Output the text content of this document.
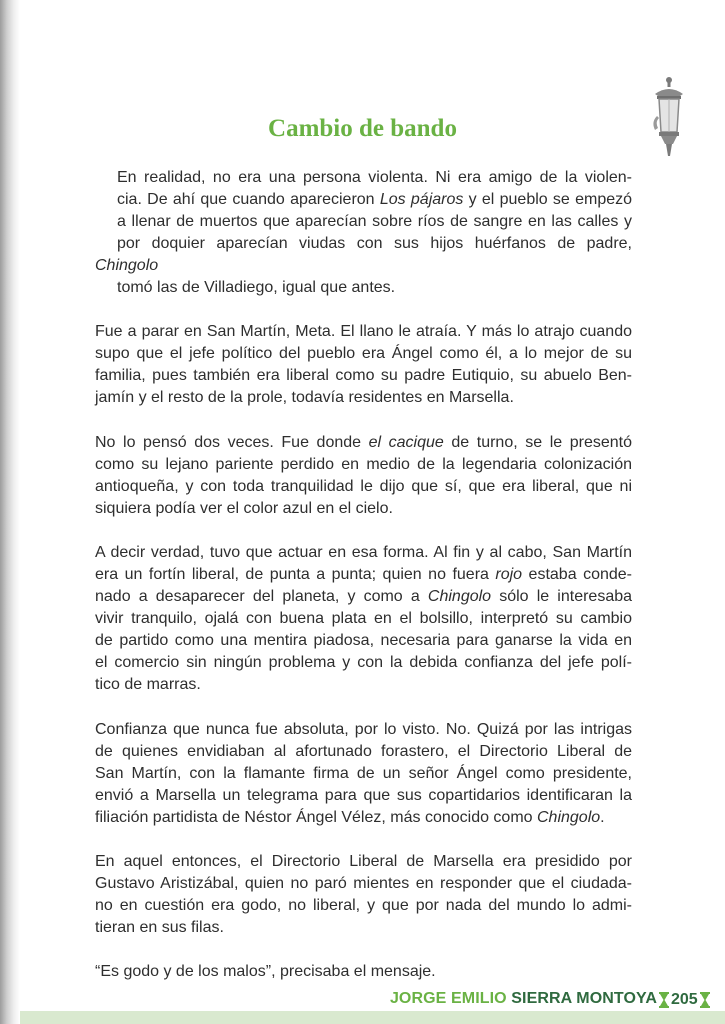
Cambio de bando

En realidad, no era una persona violenta. Ni era amigo de la violen-
cia. De ahí que cuando aparecieron Los pájaros y el pueblo se empezó
a llenar de muertos que aparecían sobre ríos de sangre en las calles y
por doquier aparecían viudas con sus hijos huérfanos de padre, Chingolo
tomó las de Villadiego, igual que antes.

Fue a parar en San Martín, Meta. El llano le atraía. Y más lo atrajo cuando
supo que el jefe político del pueblo era Ángel como él, a lo mejor de su
familia, pues también era liberal como su padre Eutiquio, su abuelo Ben-
jamín y el resto de la prole, todavía residentes en Marsella.

No lo pensó dos veces. Fue donde el cacique de turno, se le presentó
como su lejano pariente perdido en medio de la legendaria colonización
antioqueña, y con toda tranquilidad le dijo que sí, que era liberal, que ni
siquiera podía ver el color azul en el cielo.

A decir verdad, tuvo que actuar en esa forma. Al fin y al cabo, San Martín
era un fortín liberal, de punta a punta; quien no fuera rojo estaba conde-
nado a desaparecer del planeta, y como a Chingolo sólo le interesaba
vivir tranquilo, ojalá con buena plata en el bolsillo, interpretó su cambio
de partido como una mentira piadosa, necesaria para ganarse la vida en
el comercio sin ningún problema y con la debida confianza del jefe polí-
tico de marras.

Confianza que nunca fue absoluta, por lo visto. No. Quizá por las intrigas
de quienes envidiaban al afortunado forastero, el Directorio Liberal de
San Martín, con la flamante firma de un señor Ángel como presidente,
envió a Marsella un telegrama para que sus copartidarios identificaran la
filiación partidista de Néstor Ángel Vélez, más conocido como Chingolo.

En aquel entonces, el Directorio Liberal de Marsella era presidido por
Gustavo Aristizábal, quien no paró mientes en responder que el ciudada-
no en cuestión era godo, no liberal, y que por nada del mundo lo admi-
tieran en sus filas.

“Es godo y de los malos”, precisaba el mensaje.

JORGE EMILIO SIERRA MONTOYA 205
